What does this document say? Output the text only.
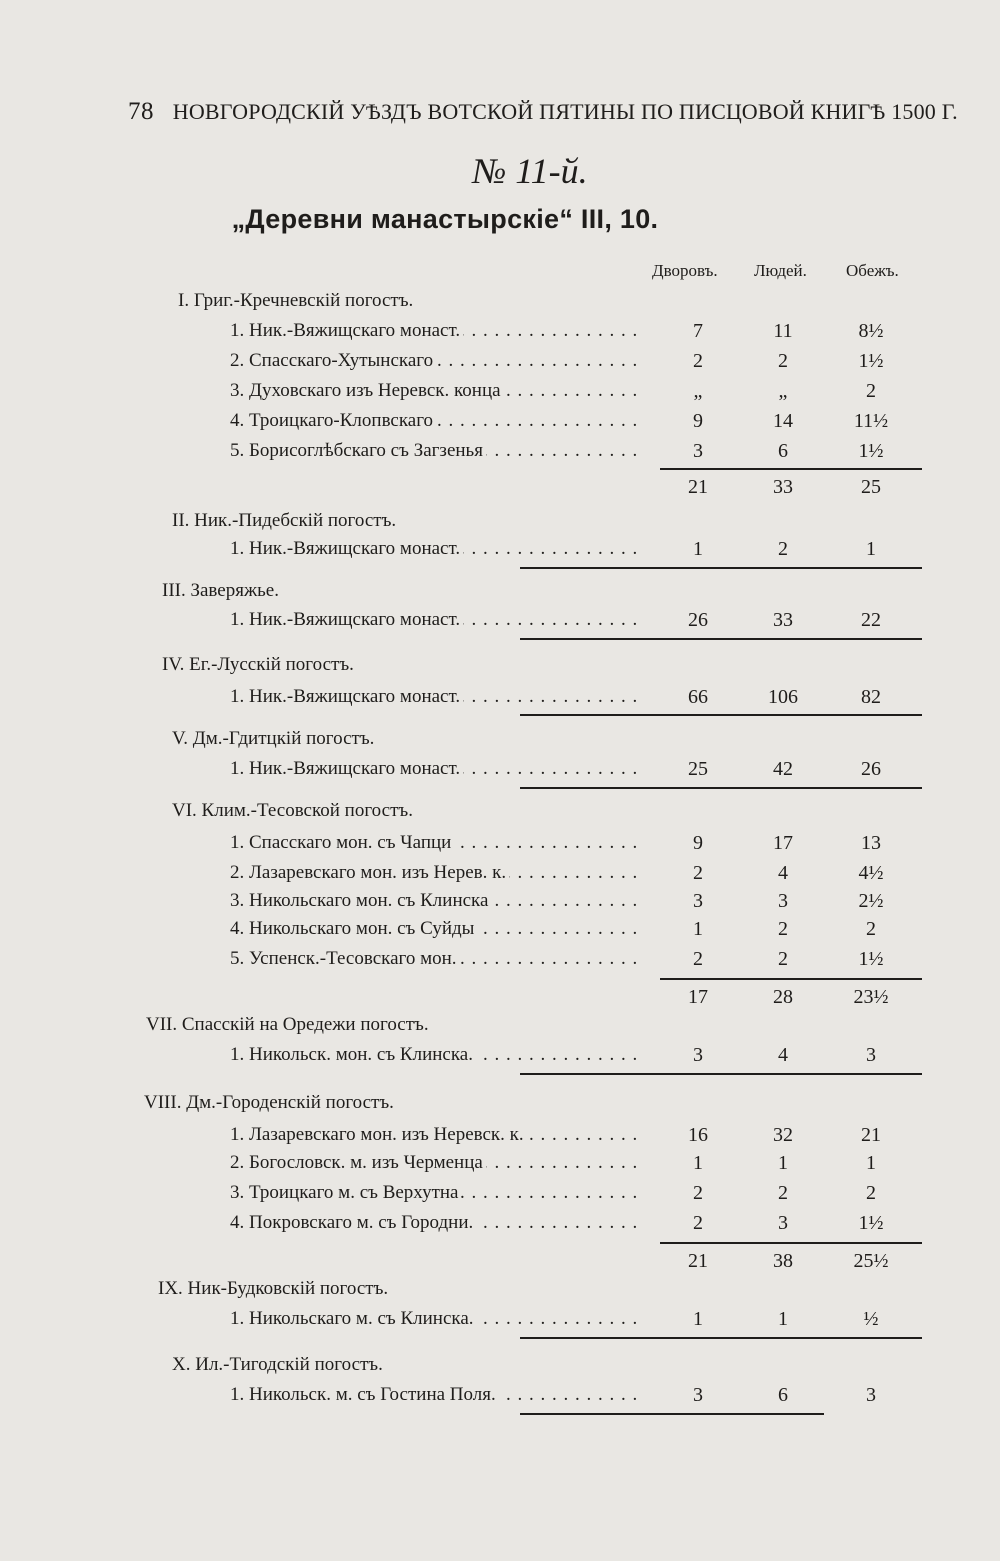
78 НОВГОРОДСКIЙ УѢЗДЪ ВОТСКОЙ ПЯТИНЫ ПО ПИСЦОВОЙ КНИГѢ 1500 Г.
№ 11-й.
„Деревни манастырскiе“ III, 10.
Дворовъ. Людей. Обежъ.
I. Григ.-Кречневскiй погостъ.
1. Ник.-Вяжищскаго монаст. . . .	7	11	8½
2. Спасскаго-Хутынскаго . . .	2	2	1½
3. Духовскаго изъ Неревск. конца . . .	„	„	2
4. Троицкаго-Клопвскаго . . .	9	14	11½
5. Борисоглѣбскаго съ Загзенья . . .	3	6	1½
21	33	25
II. Ник.-Пидебскiй погостъ.
1. Ник.-Вяжищскаго монаст. . . .	1	2	1
III. Заверяжье.
1. Ник.-Вяжищскаго монаст. . . .	26	33	22
IV. Ег.-Лусскiй погостъ.
1. Ник.-Вяжищскаго монаст. . . .	66	106	82
V. Дм.-Гдитцкiй погостъ.
1. Ник.-Вяжищскаго монаст. . . .	25	42	26
VI. Клим.-Тесовской погостъ.
1. Спасскаго мон. съ Чапци . . .	9	17	13
2. Лазаревскаго мон. изъ Нерев. к. . . .	2	4	4½
3. Никольскаго мон. съ Клинска . . .	3	3	2½
4. Никольскаго мон. съ Суйды . . .	1	2	2
5. Успенск.-Тесовскаго мон. . . .	2	2	1½
17	28	23½
VII. Спасскiй на Оредежи погостъ.
1. Никольск. мон. съ Клинска. . . .	3	4	3
VIII. Дм.-Городенскiй погостъ.
1. Лазаревскаго мон. изъ Неревск. к. . . .	16	32	21
2. Богословск. м. изъ Черменца . . .	1	1	1
3. Троицкаго м. съ Верхутна . . .	2	2	2
4. Покровскаго м. съ Городни. . . .	2	3	1½
21	38	25½
IX. Ник-Будковскiй погостъ.
1. Никольскаго м. съ Клинска. . . .	1	1	½
X. Ил.-Тигодскiй погостъ.
1. Никольск. м. съ Гостина Поля. . . .	3	6	3
